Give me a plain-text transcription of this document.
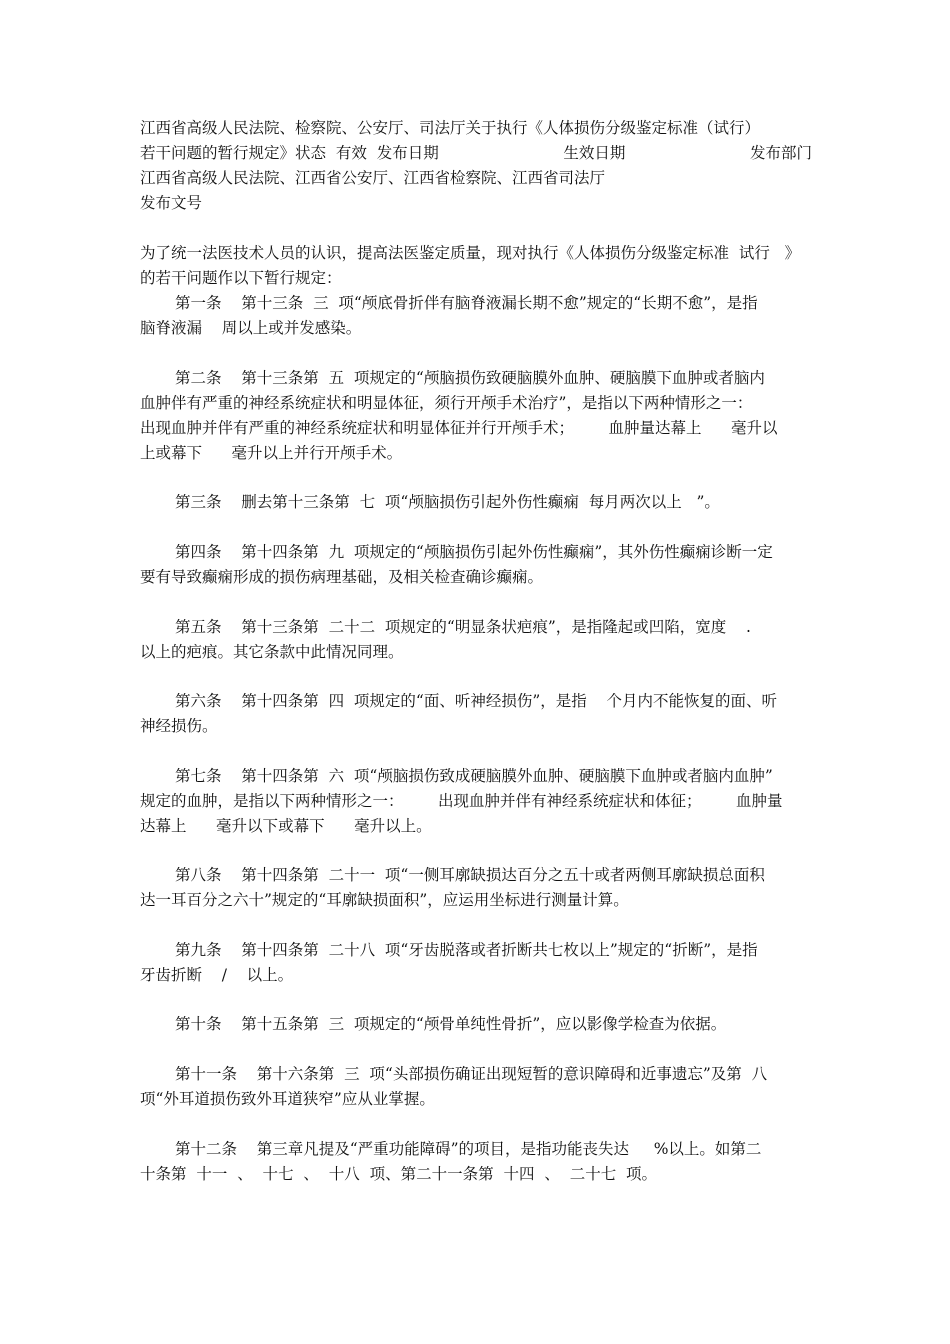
江西省高级人民法院、检察院、公安厅、司法厅关于执行《人体损伤分级鉴定标准（试行）
若干问题的暂行规定》状态  有效  发布日期	生效日期	发布部门
江西省高级人民法院、江西省公安厅、江西省检察院、江西省司法厅
发布文号
为了统一法医技术人员的认识，提高法医鉴定质量，现对执行《人体损伤分级鉴定标准  试行   》
的若干问题作以下暂行规定：
第一条    第十三条  三  项“颅底骨折伴有脑脊液漏长期不愈”规定的“长期不愈”，是指
脑脊液漏    周以上或并发感染。
第二条    第十三条第  五  项规定的“颅脑损伤致硬脑膜外血肿、硬脑膜下血肿或者脑内
血肿伴有严重的神经系统症状和明显体征，须行开颅手术治疗”，是指以下两种情形之一：
出现血肿并伴有严重的神经系统症状和明显体征并行开颅手术；       血肿量达幕上      毫升以
上或幕下      毫升以上并行开颅手术。
第三条    删去第十三条第  七  项“颅脑损伤引起外伤性癫痫  每月两次以上   ”。
第四条    第十四条第  九  项规定的“颅脑损伤引起外伤性癫痫”，其外伤性癫痫诊断一定
要有导致癫痫形成的损伤病理基础，及相关检查确诊癫痫。
第五条    第十三条第  二十二  项规定的“明显条状疤痕”，是指隆起或凹陷，宽度    .
以上的疤痕。其它条款中此情况同理。
第六条    第十四条第  四  项规定的“面、听神经损伤”，是指    个月内不能恢复的面、听
神经损伤。
第七条    第十四条第  六  项“颅脑损伤致成硬脑膜外血肿、硬脑膜下血肿或者脑内血肿”
规定的血肿，是指以下两种情形之一：       出现血肿并伴有神经系统症状和体征；       血肿量
达幕上      毫升以下或幕下      毫升以上。
第八条    第十四条第  二十一  项“一侧耳廓缺损达百分之五十或者两侧耳廓缺损总面积
达一耳百分之六十”规定的“耳廓缺损面积”，应运用坐标进行测量计算。
第九条    第十四条第  二十八  项“牙齿脱落或者折断共七枚以上”规定的“折断”，是指
牙齿折断    /    以上。
第十条    第十五条第  三  项规定的“颅骨单纯性骨折”，应以影像学检查为依据。
第十一条    第十六条第  三  项“头部损伤确证出现短暂的意识障碍和近事遗忘”及第  八
项“外耳道损伤致外耳道狭窄”应从业掌握。
第十二条    第三章凡提及“严重功能障碍”的项目，是指功能丧失达     %以上。如第二
十条第  十一  、  十七  、  十八  项、第二十一条第  十四  、  二十七  项。
